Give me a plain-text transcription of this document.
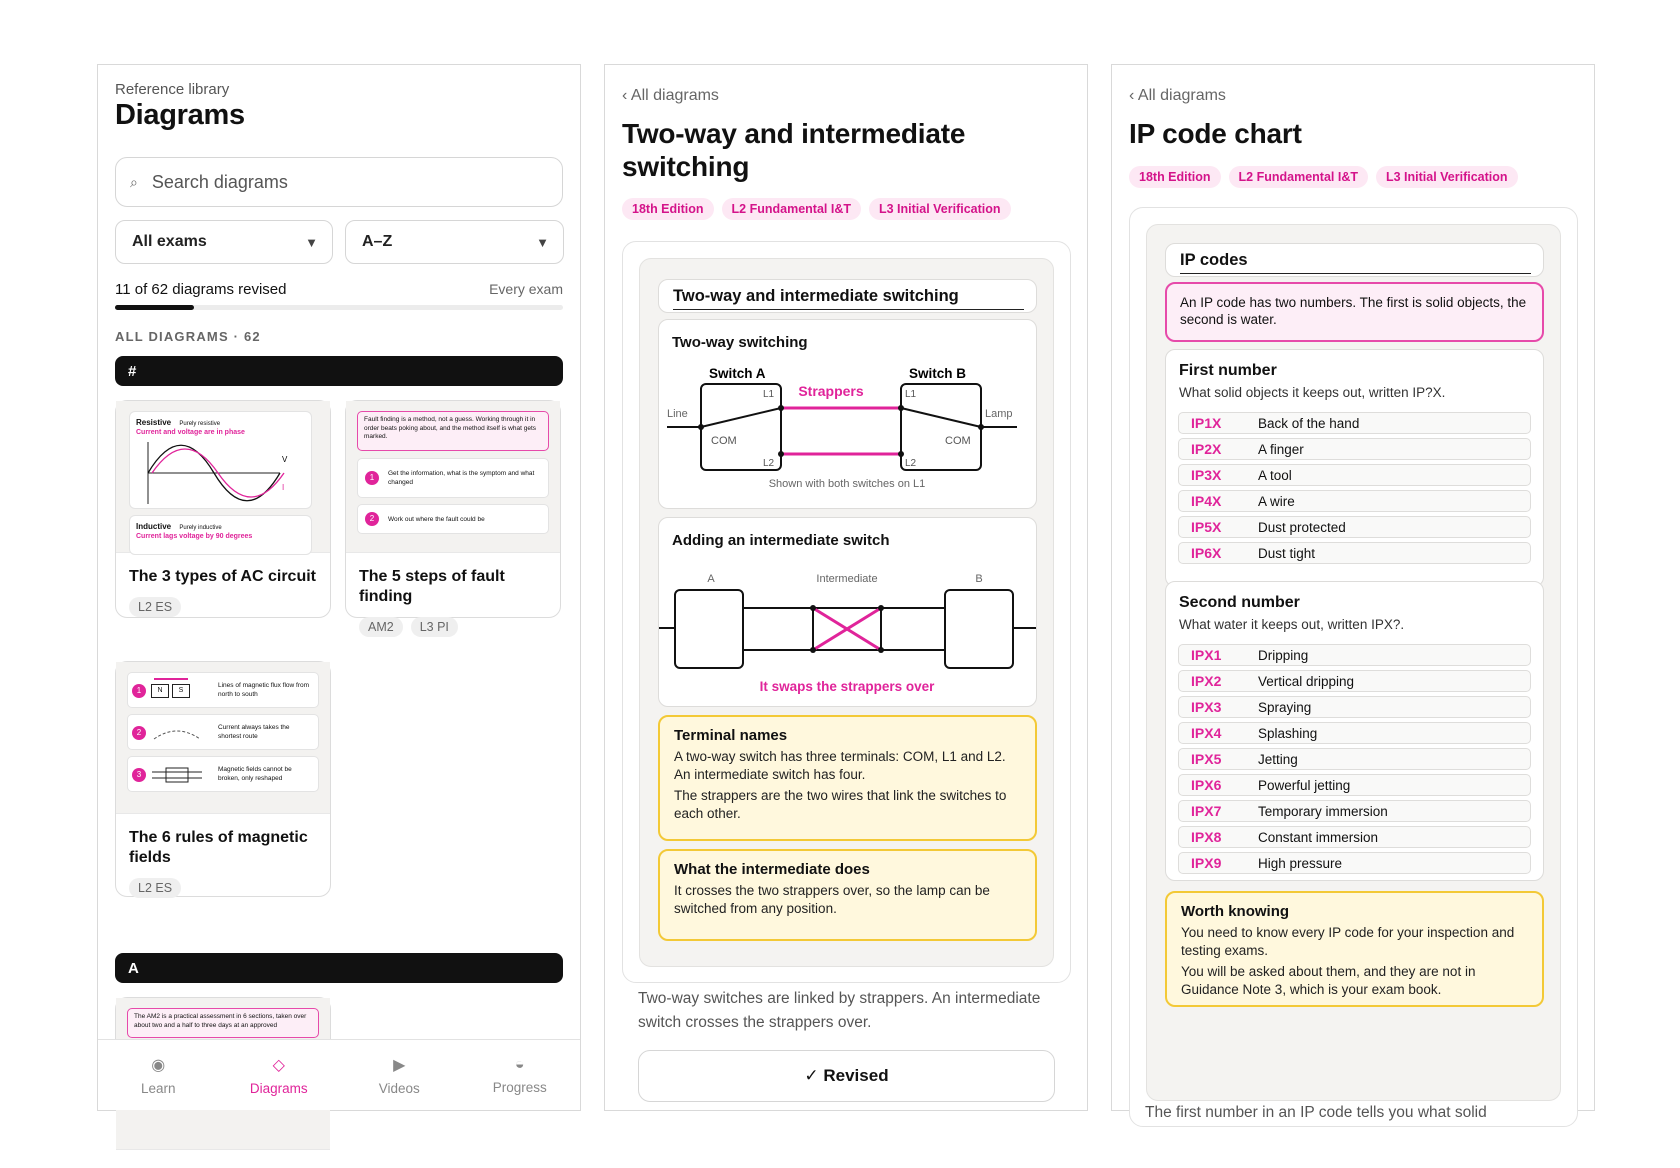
Reference library
Diagrams
⌕ Search diagrams
All exams	▼	A–Z	▼
11 of 62 diagrams revised	Every exam
ALL DIAGRAMS · 62
#
Resistive Purely resistive
Current and voltage are in phase
V
I
Inductive Purely inductive
Current lags voltage by 90 degrees
The 3 types of AC circuit
L2 ES
Fault finding is a method, not a guess. Working through it in order beats poking about, and the method itself is what gets marked.
1	Get the information, what is the symptom and what changed
2	Work out where the fault could be
The 5 steps of fault finding
AM2	L3 PI
1	N	S
Lines of magnetic flux flow from north to south
2
Current always takes the shortest route
3
Magnetic fields cannot be broken, only reshaped
The 6 rules of magnetic fields
L2 ES
A
The AM2 is a practical assessment in 6 sections, taken over about two and a half to three days at an approved
◉
Learn
◇
Diagrams
▶
Videos
◒
Progress
‹ All diagrams
Two-way and intermediate switching
18th Edition	L2 Fundamental I&T	L3 Initial Verification
Two-way and intermediate switching
Two-way switching
Switch A	Switch B
Strappers
Line	Lamp
COM	COM
L1
L2
L1
L2
Shown with both switches on L1
Adding an intermediate switch
A	Intermediate	B
It swaps the strappers over
Terminal names

A two-way switch has three terminals: COM, L1 and L2. An intermediate switch has four.

The strappers are the two wires that link the switches to each other.

What the intermediate does

It crosses the two strappers over, so the lamp can be switched from any position.

Two-way switches are linked by strappers. An intermediate switch crosses the strappers over.
✓ Revised
‹ All diagrams
IP code chart
18th Edition	L2 Fundamental I&T	L3 Initial Verification
IP codes
An IP code has two numbers. The first is solid objects, the second is water.
First number
What solid objects it keeps out, written IP?X.
IP1X	Back of the hand
IP2X	A finger
IP3X	A tool
IP4X	A wire
IP5X	Dust protected
IP6X	Dust tight
Second number
What water it keeps out, written IPX?.
IPX1	Dripping
IPX2	Vertical dripping
IPX3	Spraying
IPX4	Splashing
IPX5	Jetting
IPX6	Powerful jetting
IPX7	Temporary immersion
IPX8	Constant immersion
IPX9	High pressure
Worth knowing

You need to know every IP code for your inspection and testing exams.

You will be asked about them, and they are not in Guidance Note 3, which is your exam book.

The first number in an IP code tells you what solid
